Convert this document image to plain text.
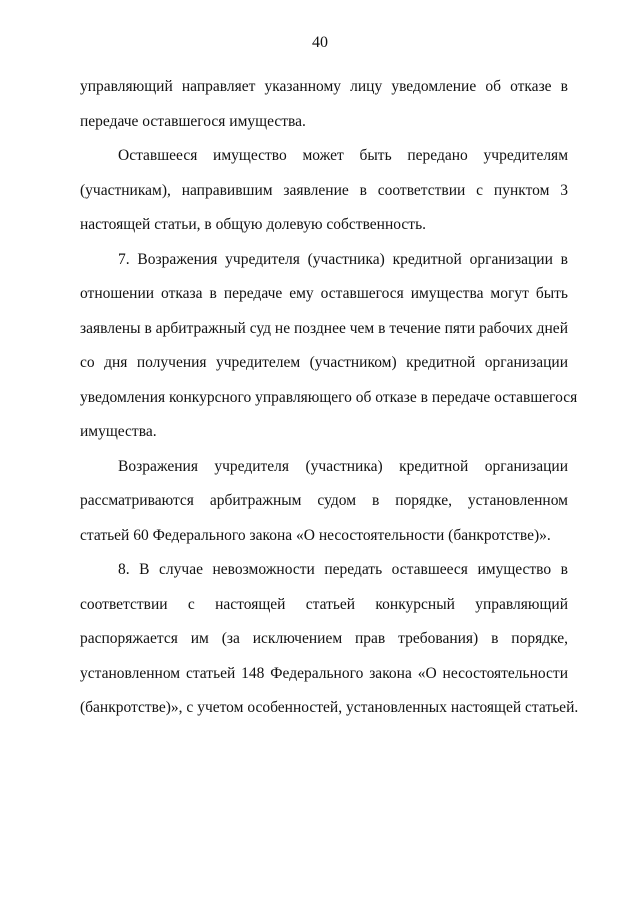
40
управляющий направляет указанному лицу уведомление об отказе в
передаче оставшегося имущества.
Оставшееся имущество может быть передано учредителям
(участникам), направившим заявление в соответствии с пунктом 3
настоящей статьи, в общую долевую собственность.
7. Возражения учредителя (участника) кредитной организации в
отношении отказа в передаче ему оставшегося имущества могут быть
заявлены в арбитражный суд не позднее чем в течение пяти рабочих дней
со дня получения учредителем (участником) кредитной организации
уведомления конкурсного управляющего об отказе в передаче оставшегося
имущества.
Возражения учредителя (участника) кредитной организации
рассматриваются арбитражным судом в порядке, установленном
статьей 60 Федерального закона «О несостоятельности (банкротстве)».
8. В случае невозможности передать оставшееся имущество в
соответствии с настоящей статьей конкурсный управляющий
распоряжается им (за исключением прав требования) в порядке,
установленном статьей 148 Федерального закона «О несостоятельности
(банкротстве)», с учетом особенностей, установленных настоящей статьей.
